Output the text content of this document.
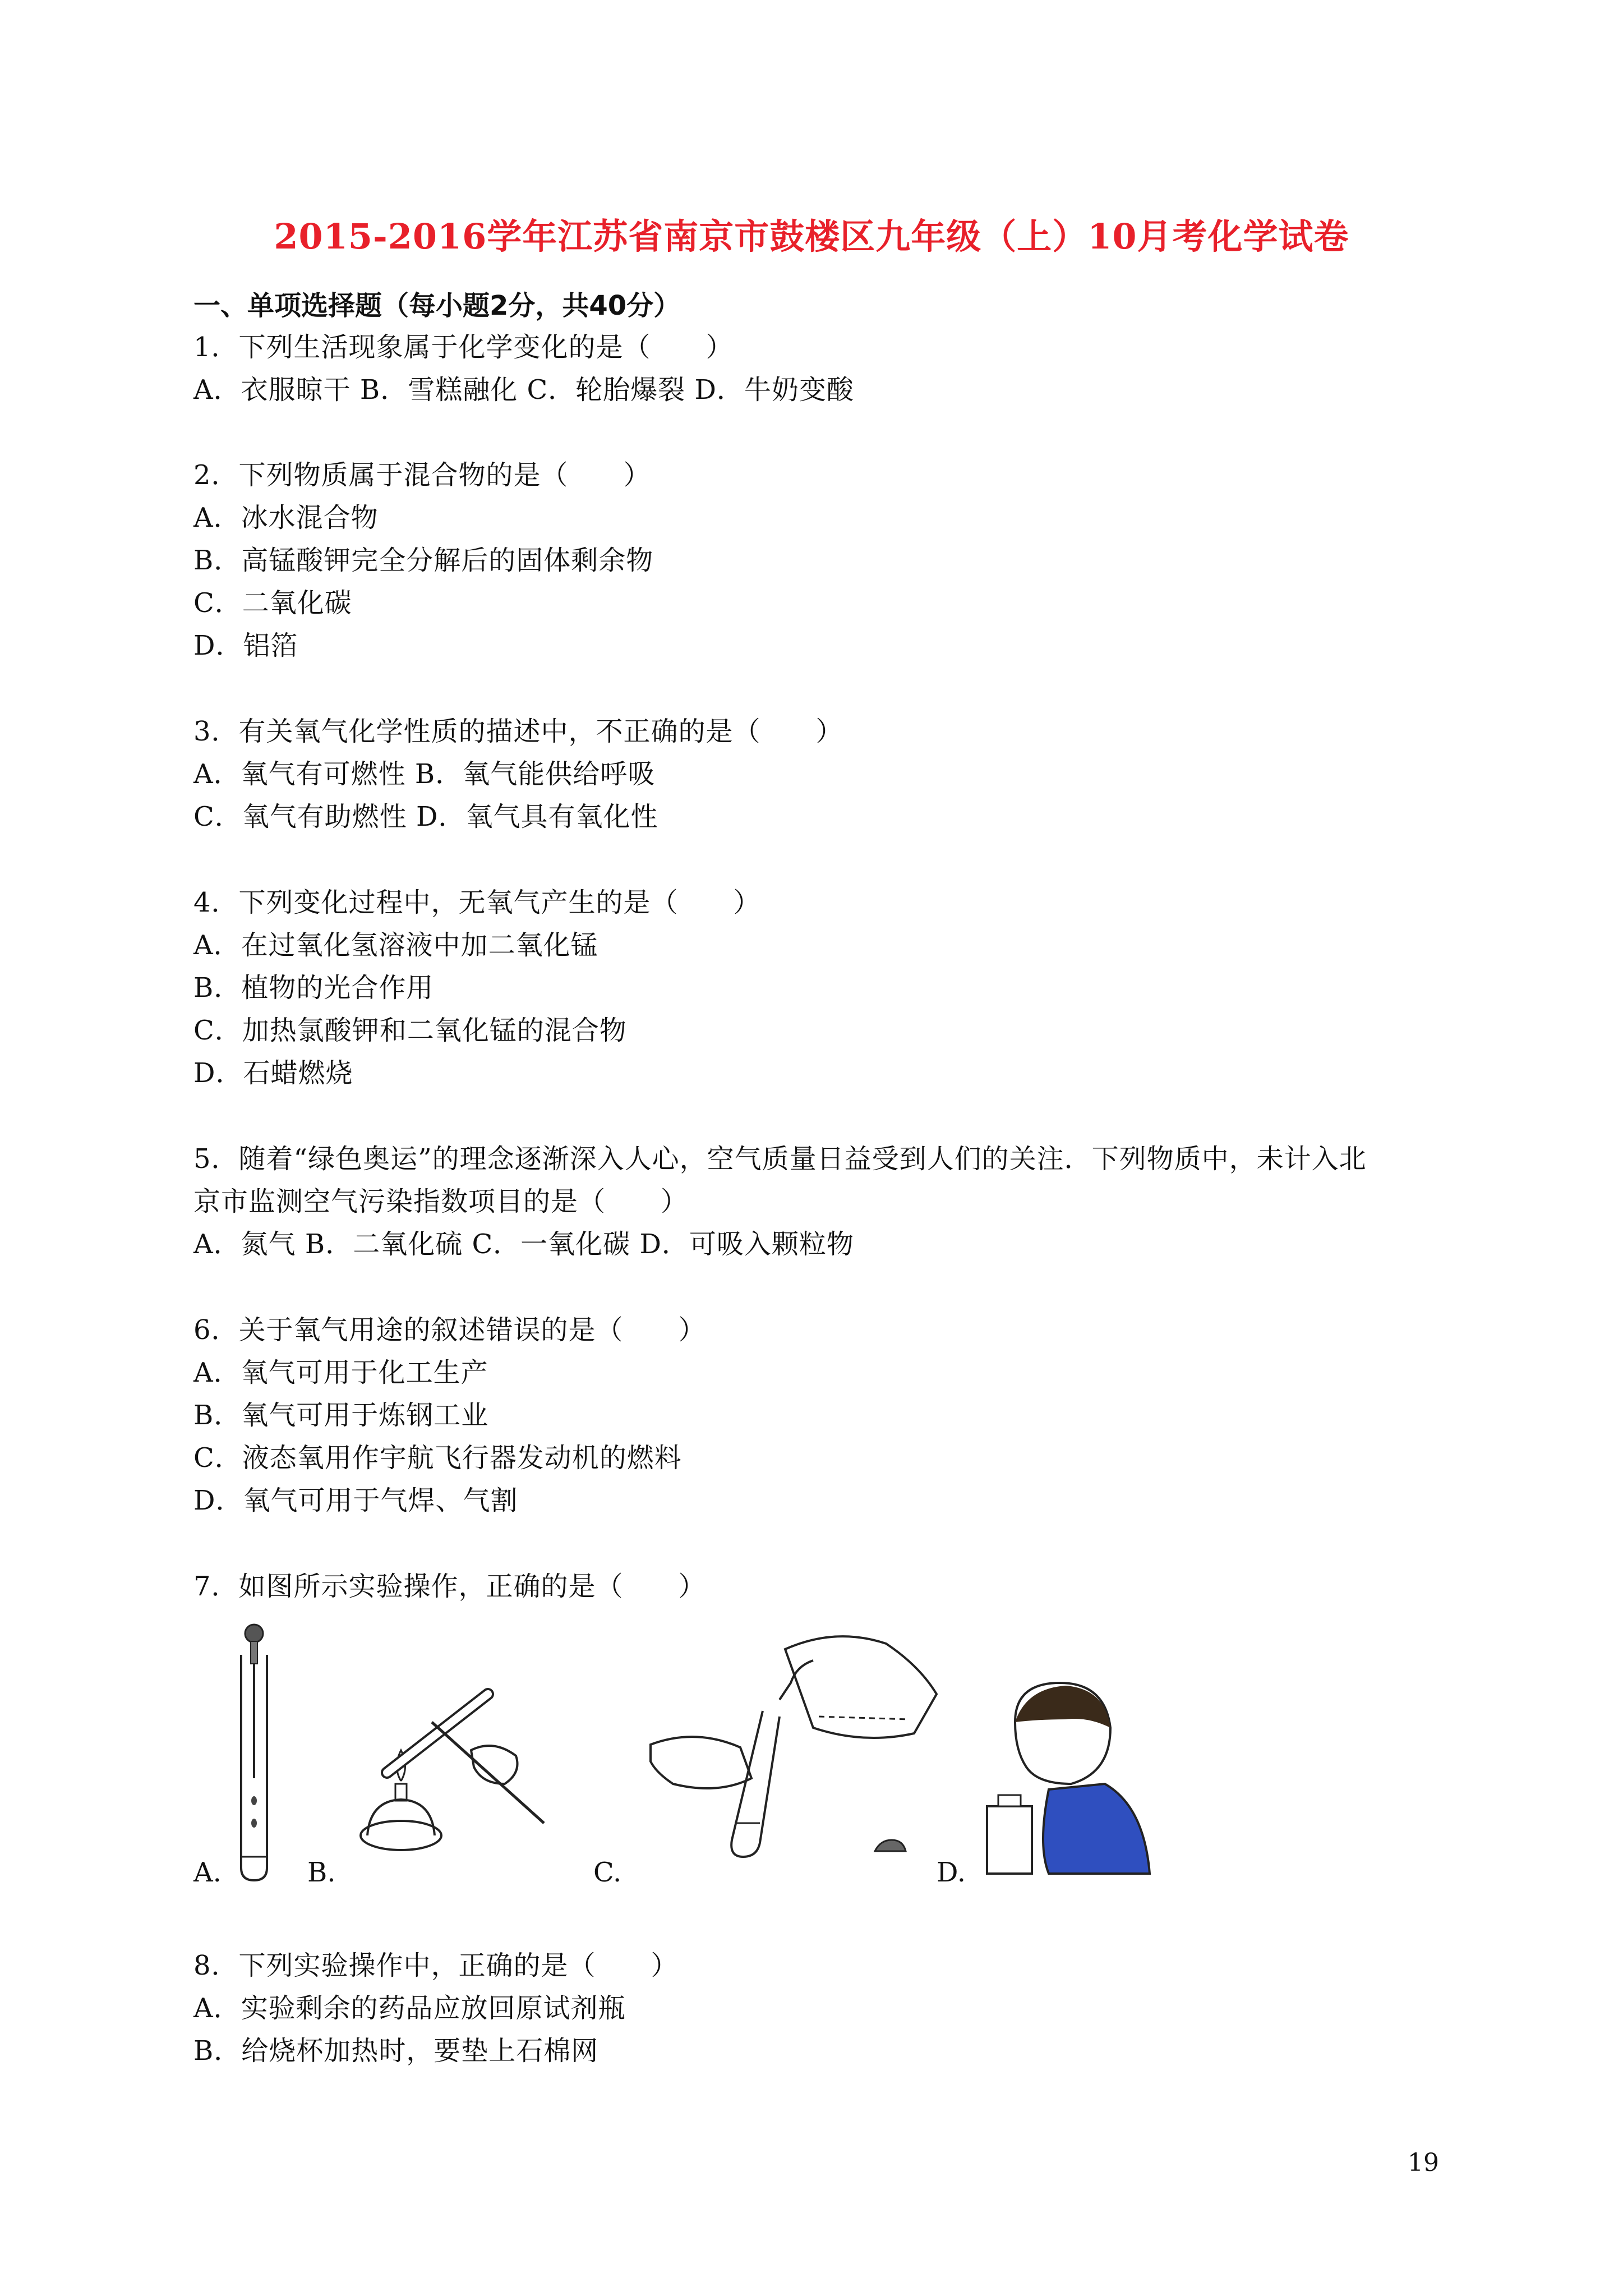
2015-2016学年江苏省南京市鼓楼区九年级（上）10月考化学试卷
一、单项选择题（每小题2分，共40分）
1．下列生活现象属于化学变化的是（　　）
A．衣服晾干 B．雪糕融化 C．轮胎爆裂 D．牛奶变酸
2．下列物质属于混合物的是（　　）
A．冰水混合物
B．高锰酸钾完全分解后的固体剩余物
C．二氧化碳
D．铝箔
3．有关氧气化学性质的描述中，不正确的是（　　）
A．氧气有可燃性 B．氧气能供给呼吸
C．氧气有助燃性 D．氧气具有氧化性
4．下列变化过程中，无氧气产生的是（　　）
A．在过氧化氢溶液中加二氧化锰
B．植物的光合作用
C．加热氯酸钾和二氧化锰的混合物
D．石蜡燃烧
5．随着“绿色奥运”的理念逐渐深入人心，空气质量日益受到人们的关注．下列物质中，未计入北
京市监测空气污染指数项目的是（　　）
A．氮气 B．二氧化硫 C．一氧化碳 D．可吸入颗粒物
6．关于氧气用途的叙述错误的是（　　）
A．氧气可用于化工生产
B．氧气可用于炼钢工业
C．液态氧用作宇航飞行器发动机的燃料
D．氧气可用于气焊、气割
7．如图所示实验操作，正确的是（　　）
A.	B.	C.	D.
8．下列实验操作中，正确的是（　　）
A．实验剩余的药品应放回原试剂瓶
B．给烧杯加热时，要垫上石棉网
19
